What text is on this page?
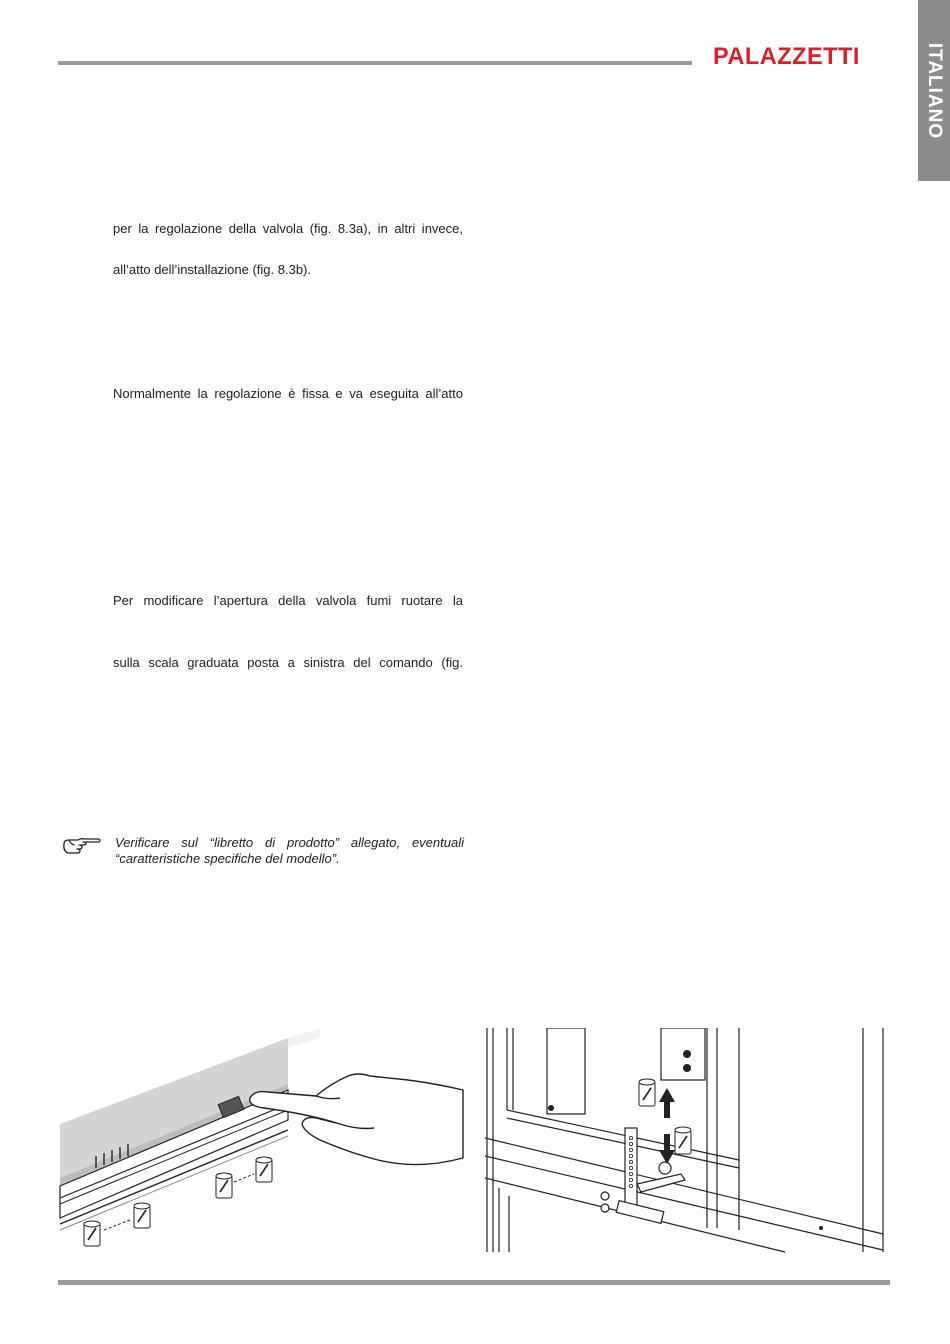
PALAZZETTI	ITALIANO
per la regolazione della valvola (fig. 8.3a), in altri invece,
all’atto dell’installazione (fig. 8.3b).
Normalmente la regolazione è fissa e va eseguita all’atto
Per modificare l’apertura della valvola fumi ruotare la
sulla scala graduata posta a sinistra del comando (fig.
Verificare sul “libretto di prodotto” allegato, eventuali
“caratteristiche specifiche del modello”.
